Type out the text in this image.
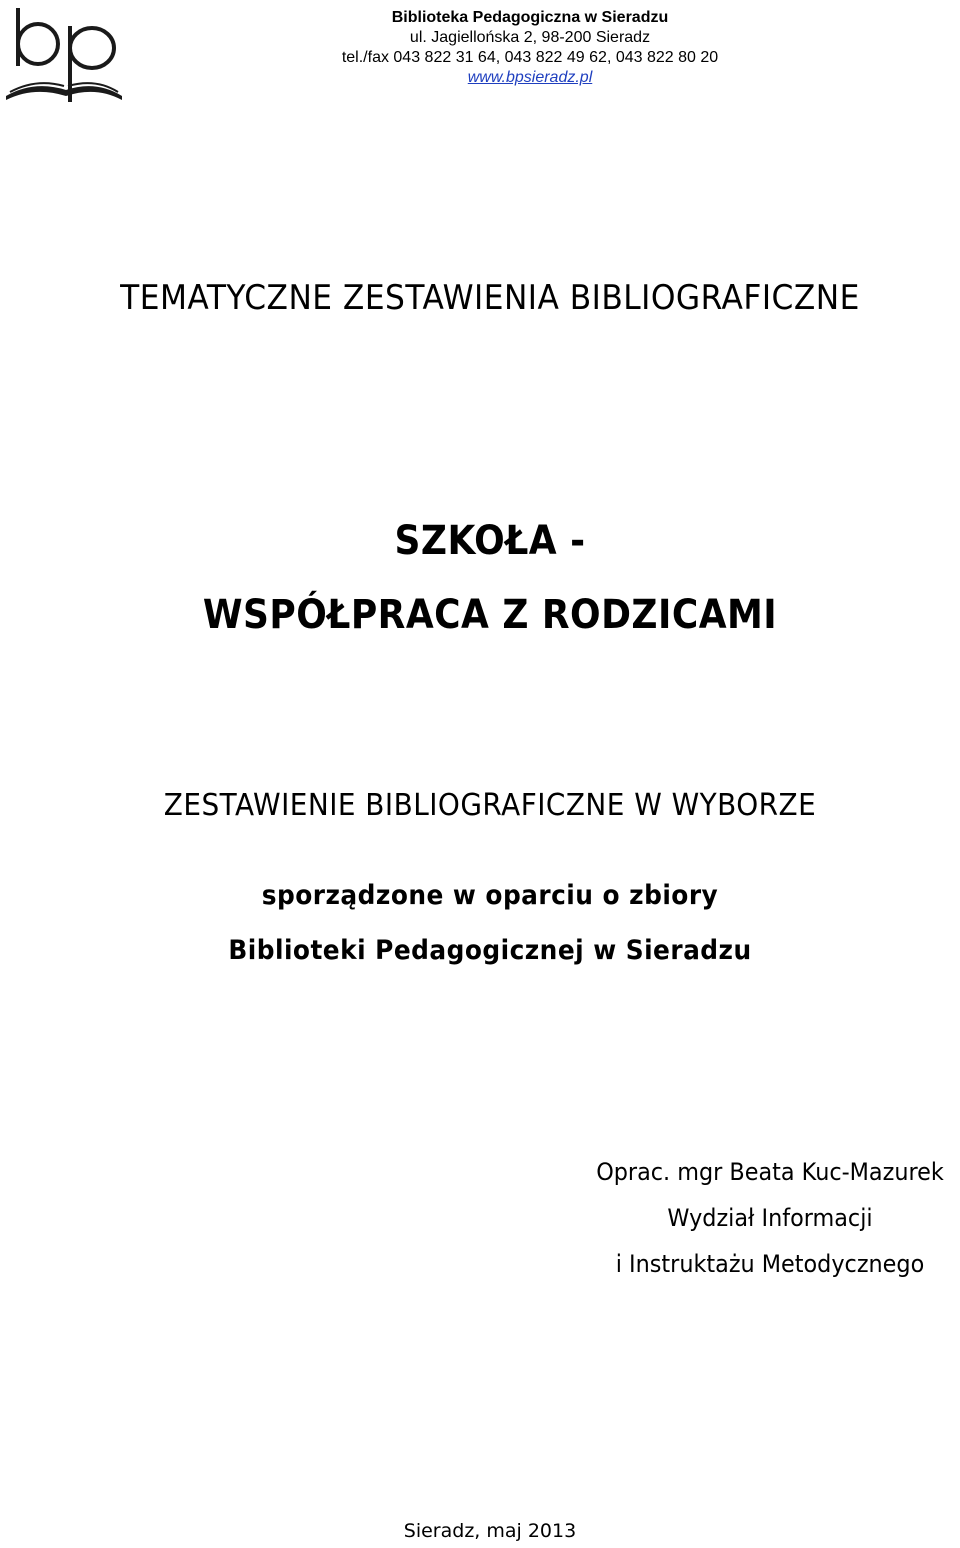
Biblioteka Pedagogiczna w Sieradzu
ul. Jagiellońska 2, 98-200 Sieradz
tel./fax 043 822 31 64, 043 822 49 62, 043 822 80 20
www.bpsieradz.pl
TEMATYCZNE ZESTAWIENIA BIBLIOGRAFICZNE
SZKOŁA -
WSPÓŁPRACA Z RODZICAMI
ZESTAWIENIE BIBLIOGRAFICZNE W WYBORZE
sporządzone w oparciu o zbiory
Biblioteki Pedagogicznej w Sieradzu
Oprac. mgr Beata Kuc-Mazurek
Wydział Informacji
i Instruktażu Metodycznego
Sieradz, maj 2013
